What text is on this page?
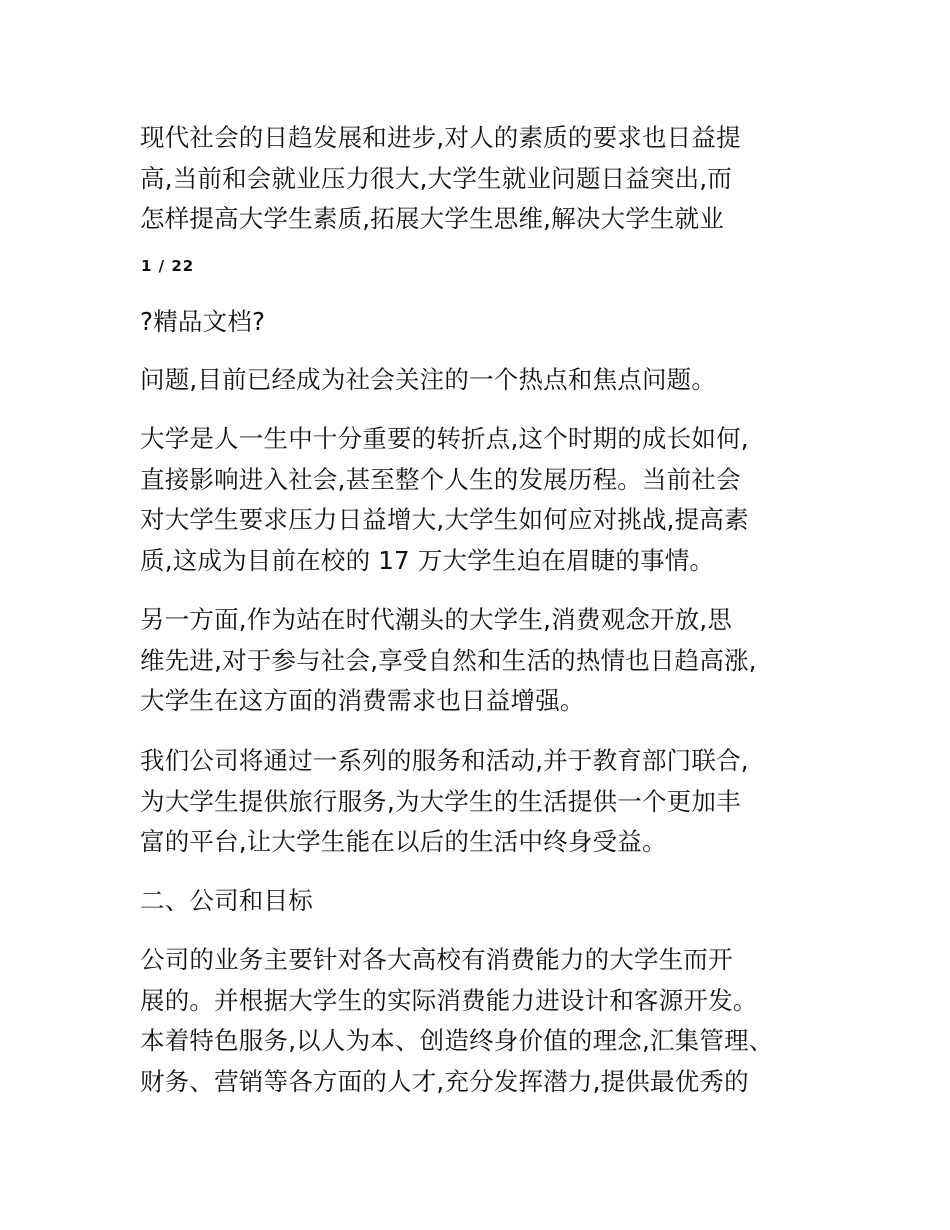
现代社会的日趋发展和进步,对人的素质的要求也日益提
高,当前和会就业压力很大,大学生就业问题日益突出,而
怎样提高大学生素质,拓展大学生思维,解决大学生就业
1 / 22
?精品文档?
问题,目前已经成为社会关注的一个热点和焦点问题。
大学是人一生中十分重要的转折点,这个时期的成长如何,
直接影响进入社会,甚至整个人生的发展历程。当前社会
对大学生要求压力日益增大,大学生如何应对挑战,提高素
质,这成为目前在校的 17 万大学生迫在眉睫的事情。
另一方面,作为站在时代潮头的大学生,消费观念开放,思
维先进,对于参与社会,享受自然和生活的热情也日趋高涨,
大学生在这方面的消费需求也日益增强。
我们公司将通过一系列的服务和活动,并于教育部门联合,
为大学生提供旅行服务,为大学生的生活提供一个更加丰
富的平台,让大学生能在以后的生活中终身受益。
二、公司和目标
公司的业务主要针对各大高校有消费能力的大学生而开
展的。并根据大学生的实际消费能力进设计和客源开发。
本着特色服务,以人为本、创造终身价值的理念,汇集管理、
财务、营销等各方面的人才,充分发挥潜力,提供最优秀的
